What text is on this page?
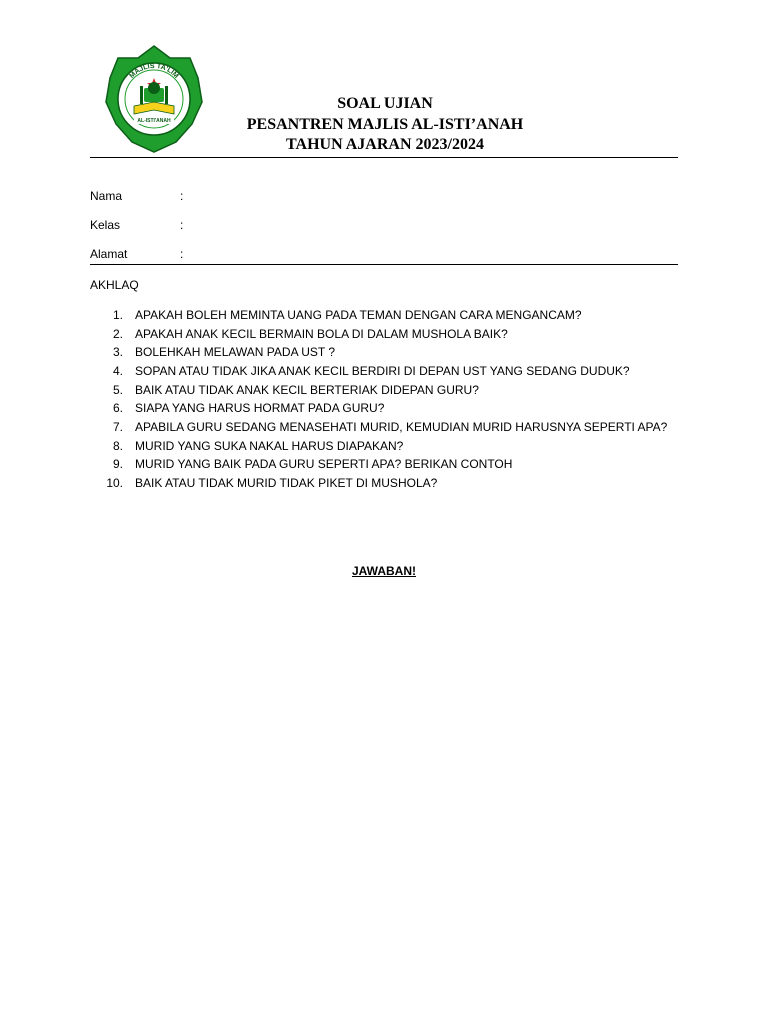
MAJLIS TA'LIM
AL-ISTI'ANAH
SOAL UJIAN
PESANTREN MAJLIS AL-ISTI’ANAH
TAHUN AJARAN 2023/2024
Nama	:
Kelas	:
Alamat	:
AKHLAQ
1.	APAKAH BOLEH MEMINTA UANG PADA TEMAN DENGAN CARA MENGANCAM?
2.	APAKAH ANAK KECIL BERMAIN BOLA DI DALAM MUSHOLA BAIK?
3.	BOLEHKAH MELAWAN PADA UST ?
4.	SOPAN ATAU TIDAK JIKA ANAK KECIL BERDIRI DI DEPAN UST YANG SEDANG DUDUK?
5.	BAIK ATAU TIDAK ANAK KECIL BERTERIAK DIDEPAN GURU?
6.	SIAPA YANG HARUS HORMAT PADA GURU?
7.	APABILA GURU SEDANG MENASEHATI MURID, KEMUDIAN MURID HARUSNYA SEPERTI APA?
8.	MURID YANG SUKA NAKAL HARUS DIAPAKAN?
9.	MURID YANG BAIK PADA GURU SEPERTI APA? BERIKAN CONTOH
10.	BAIK ATAU TIDAK MURID TIDAK PIKET DI MUSHOLA?
JAWABAN!
